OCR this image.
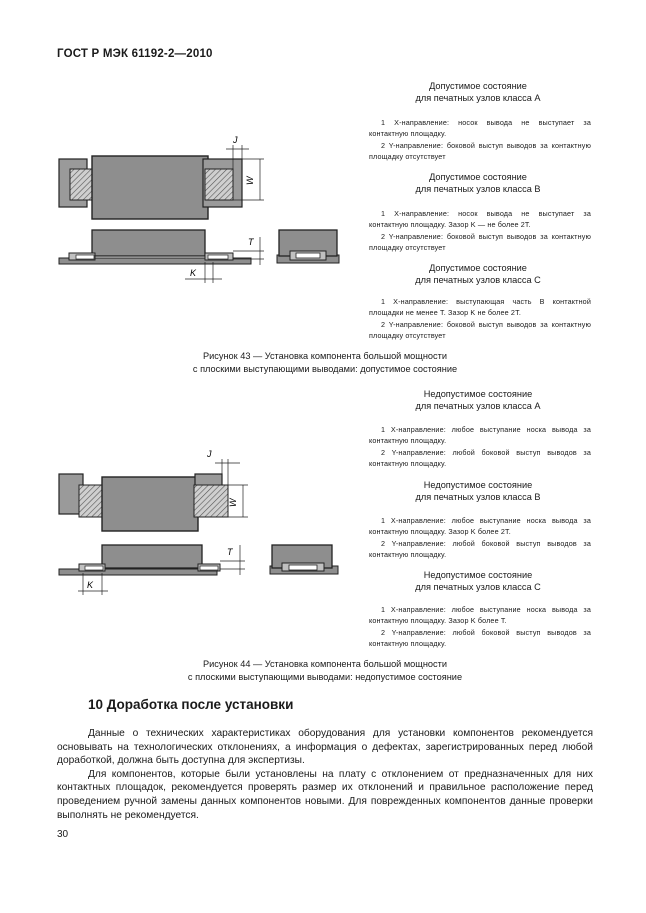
ГОСТ Р МЭК 61192-2—2010
J
W
T
K
Допустимое состояние
для печатных узлов класса А

1 X-направление: носок вывода не выступает за контактную площадку.

2 Y-направление: боковой выступ выводов за контактную площадку отсутствует

Допустимое состояние
для печатных узлов класса В

1 X-направление: носок вывода не выступает за контактную площадку. Зазор K — не более 2T.

2 Y-направление: боковой выступ выводов за контактную площадку отсутствует

Допустимое состояние
для печатных узлов класса С

1 X-направление: выступающая часть В контактной площадки не менее T. Зазор K не более 2T.

2 Y-направление: боковой выступ выводов за контактную площадку отсутствует

Рисунок 43 — Установка компонента большой мощности
с плоскими выступающими выводами: допустимое состояние
J
W
T
K
Недопустимое состояние
для печатных узлов класса А

1 X-направление: любое выступание носка вывода за контактную площадку.

2 Y-направление: любой боковой выступ выводов за контактную площадку.

Недопустимое состояние
для печатных узлов класса В

1 X-направление: любое выступание носка вывода за контактную площадку. Зазор K более 2T.

2 Y-направление: любой боковой выступ выводов за контактную площадку.

Недопустимое состояние
для печатных узлов класса С

1 X-направление: любое выступание носка вывода за контактную площадку. Зазор K более T.

2 Y-направление: любой боковой выступ выводов за контактную площадку.

Рисунок 44 — Установка компонента большой мощности
с плоскими выступающими выводами: недопустимое состояние
10 Доработка после установки

Данные о технических характеристиках оборудования для установки компонентов рекомендуется основывать на технологических отклонениях, а информация о дефектах, зарегистрированных перед любой доработкой, должна быть доступна для экспертизы.

Для компонентов, которые были установлены на плату с отклонением от предназначенных для них контактных площадок, рекомендуется проверять размер их отклонений и правильное расположение перед проведением ручной замены данных компонентов новыми. Для поврежденных компонентов данные проверки выполнять не рекомендуется.

30
